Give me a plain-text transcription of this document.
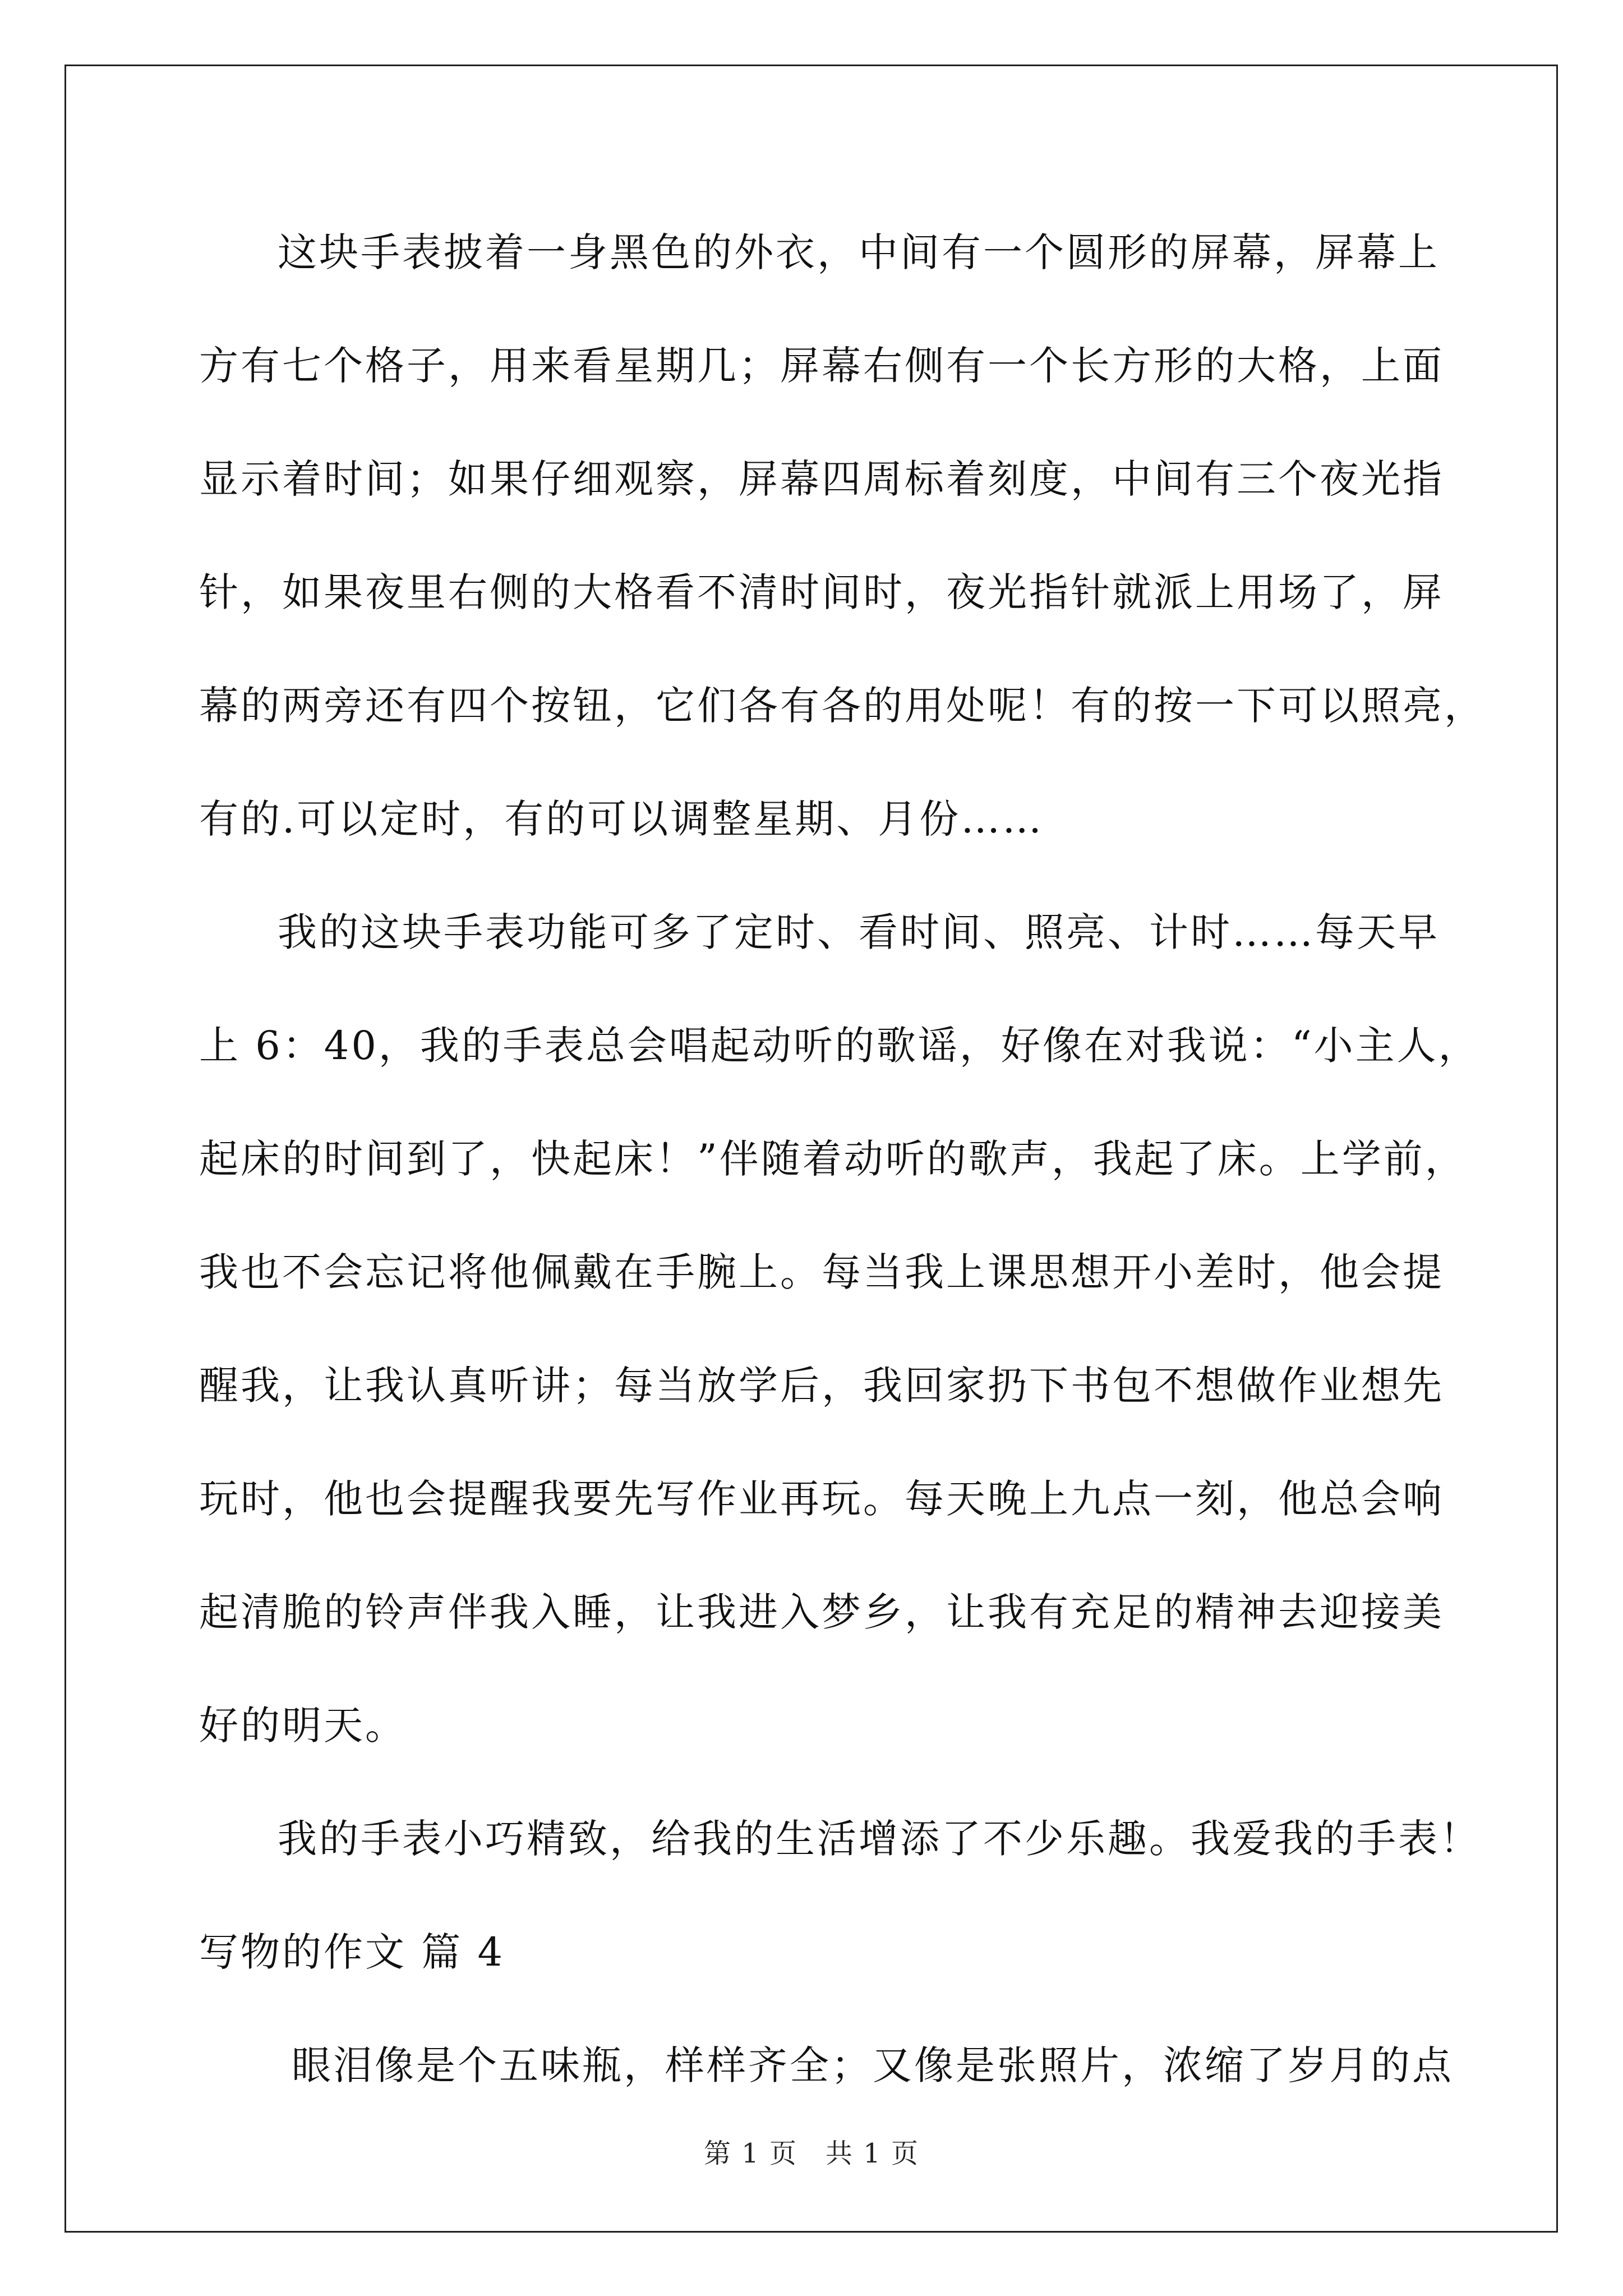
这块手表披着一身黑色的外衣，中间有一个圆形的屏幕，屏幕上
方有七个格子，用来看星期几；屏幕右侧有一个长方形的大格，上面
显示着时间；如果仔细观察，屏幕四周标着刻度，中间有三个夜光指
针，如果夜里右侧的大格看不清时间时，夜光指针就派上用场了，屏
幕的两旁还有四个按钮，它们各有各的用处呢！有的按一下可以照亮，
有的.可以定时，有的可以调整星期、月份……
我的这块手表功能可多了定时、看时间、照亮、计时……每天早
上 6：40，我的手表总会唱起动听的歌谣，好像在对我说：“小主人，
起床的时间到了，快起床！”伴随着动听的歌声，我起了床。上学前，
我也不会忘记将他佩戴在手腕上。每当我上课思想开小差时，他会提
醒我，让我认真听讲；每当放学后，我回家扔下书包不想做作业想先
玩时，他也会提醒我要先写作业再玩。每天晚上九点一刻，他总会响
起清脆的铃声伴我入睡，让我进入梦乡，让我有充足的精神去迎接美
好的明天。
我的手表小巧精致，给我的生活增添了不少乐趣。我爱我的手表！
写物的作文 篇 4
眼泪像是个五味瓶，样样齐全；又像是张照片，浓缩了岁月的点
第 1 页　共 1 页
